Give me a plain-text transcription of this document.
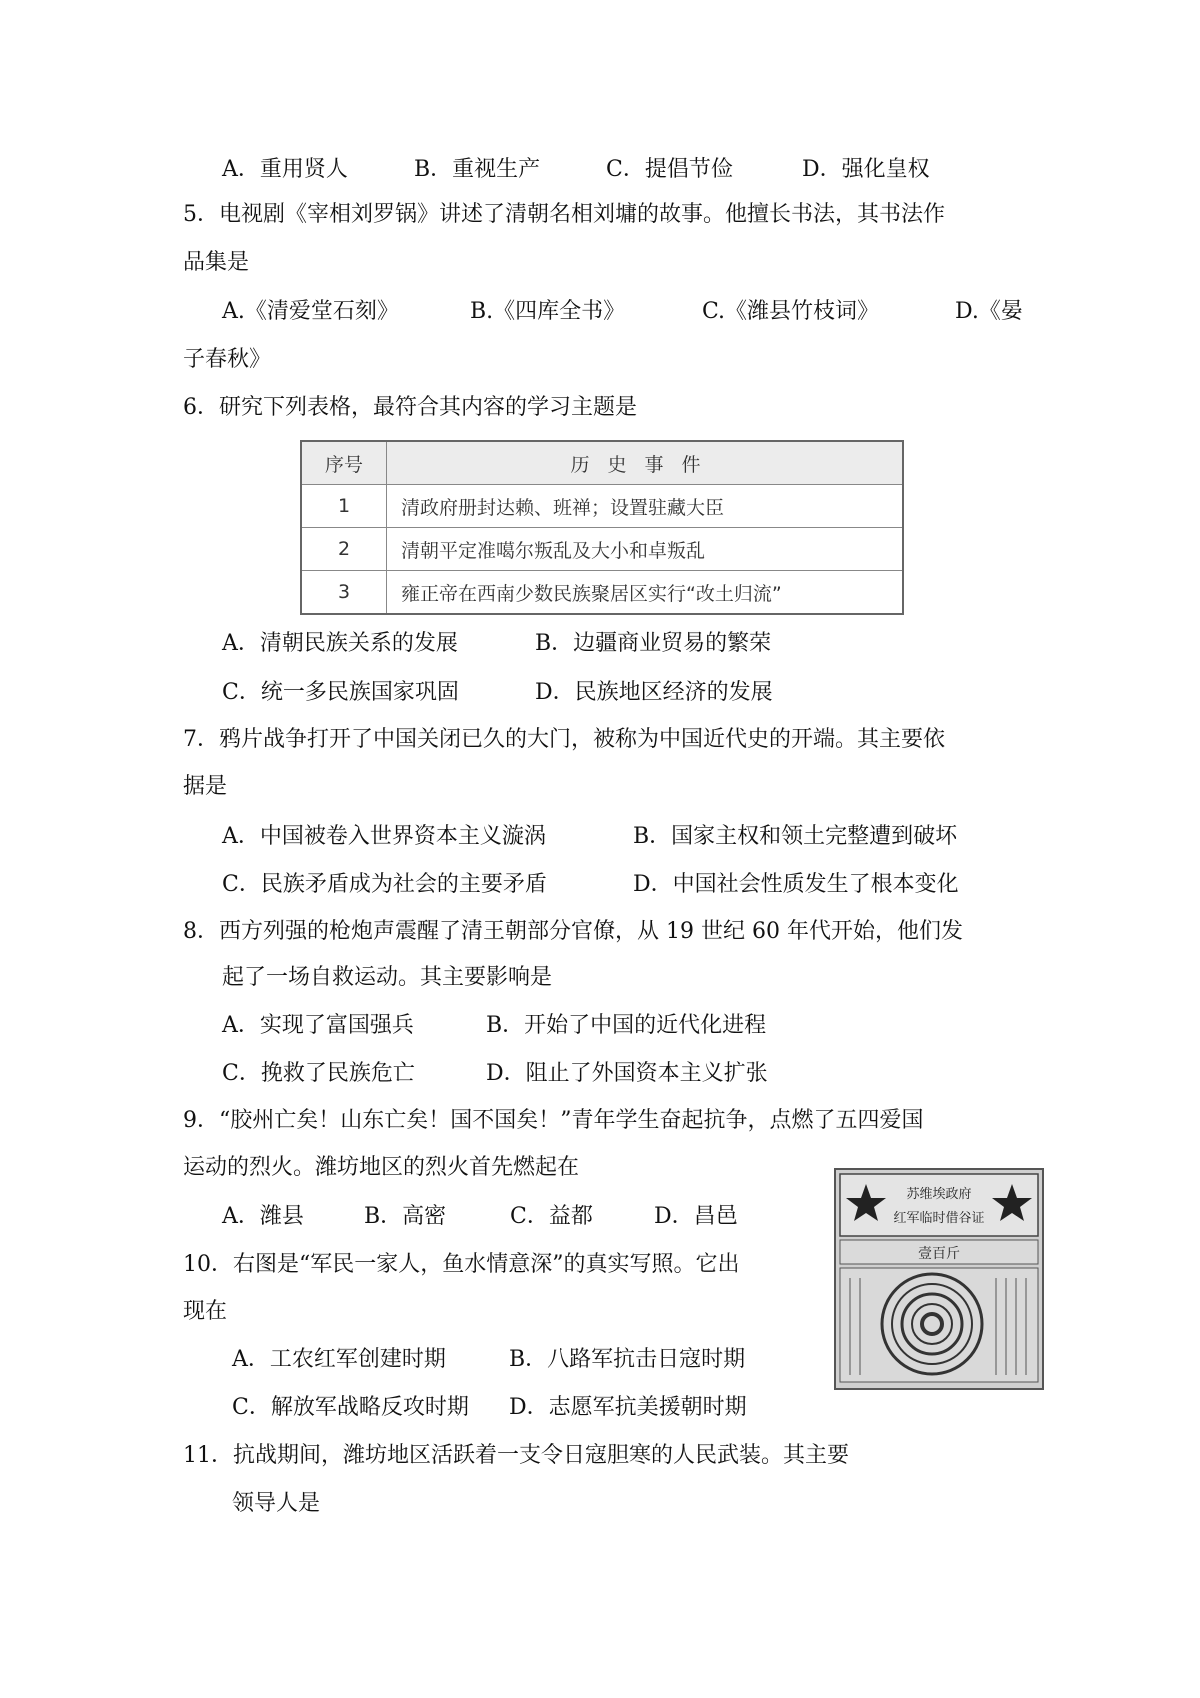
A．重用贤人	B．重视生产	C．提倡节俭	D．强化皇权
5．电视剧《宰相刘罗锅》讲述了清朝名相刘墉的故事。他擅长书法，其书法作
品集是
A.《清爱堂石刻》	B.《四库全书》	C.《潍县竹枝词》	D.《晏
子春秋》
6．研究下列表格，最符合其内容的学习主题是
序号	历史事件
1	清政府册封达赖、班禅；设置驻藏大臣
2	清朝平定准噶尔叛乱及大小和卓叛乱
3	雍正帝在西南少数民族聚居区实行“改土归流”
A．清朝民族关系的发展	B．边疆商业贸易的繁荣
C．统一多民族国家巩固	D．民族地区经济的发展
7．鸦片战争打开了中国关闭已久的大门，被称为中国近代史的开端。其主要依
据是
A．中国被卷入世界资本主义漩涡	B．国家主权和领土完整遭到破坏
C．民族矛盾成为社会的主要矛盾	D．中国社会性质发生了根本变化
8．西方列强的枪炮声震醒了清王朝部分官僚，从 19 世纪 60 年代开始，他们发
起了一场自救运动。其主要影响是
A．实现了富国强兵	B．开始了中国的近代化进程
C．挽救了民族危亡	D．阻止了外国资本主义扩张
9．“胶州亡矣！山东亡矣！国不国矣！”青年学生奋起抗争，点燃了五四爱国
运动的烈火。潍坊地区的烈火首先燃起在
A．潍县	B．高密	C．益都	D．昌邑
苏维埃政府
红军临时借谷证
壹百斤
10．右图是“军民一家人，鱼水情意深”的真实写照。它出
现在
A．工农红军创建时期	B．八路军抗击日寇时期
C．解放军战略反攻时期 D．志愿军抗美援朝时期
11．抗战期间，潍坊地区活跃着一支令日寇胆寒的人民武装。其主要
领导人是
